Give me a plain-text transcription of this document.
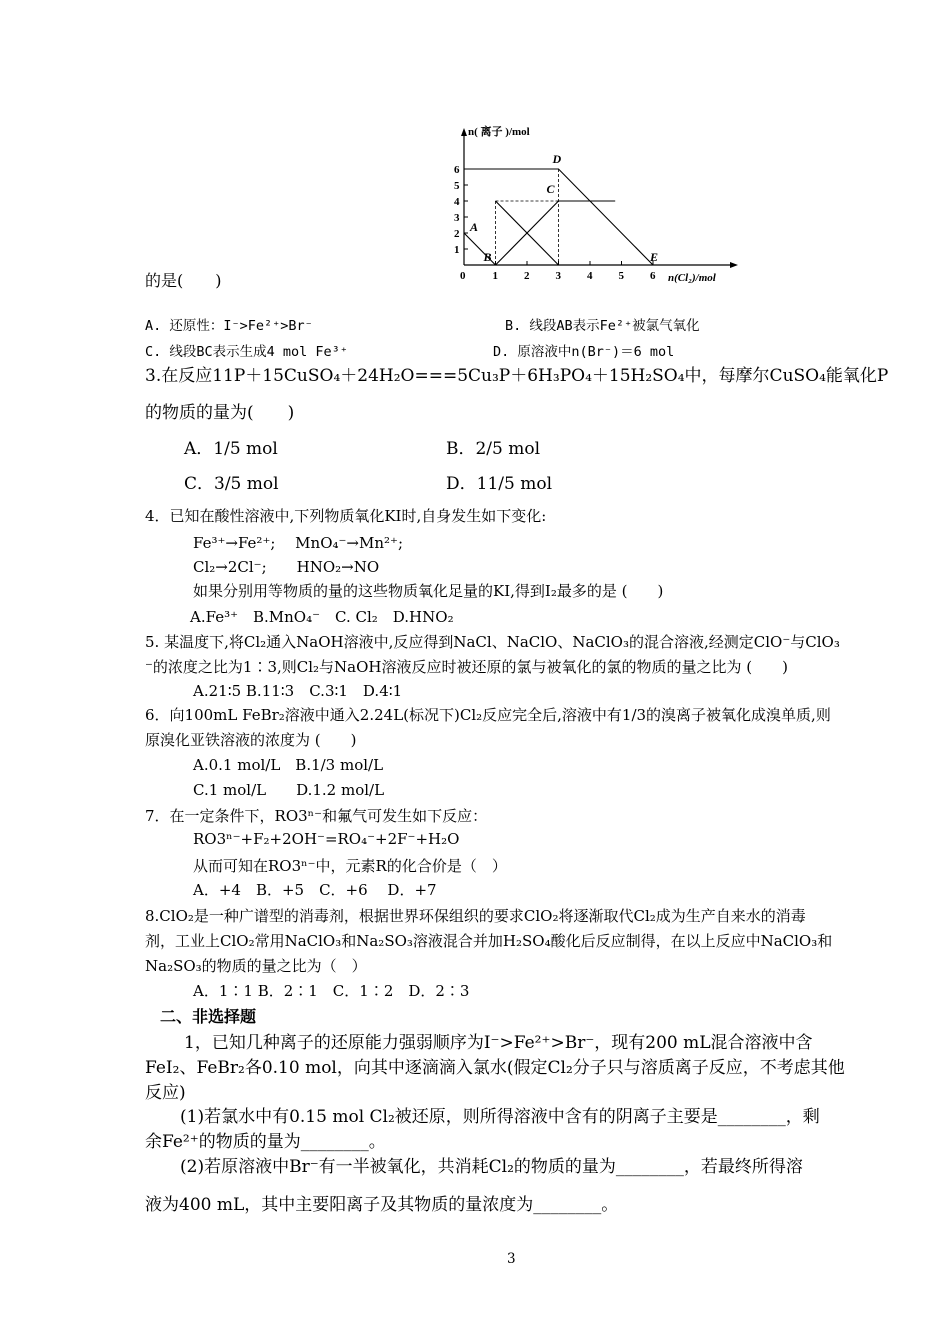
1
2
3
4
5
6
1 2 3 4 5 6
A
B
C
D
E
n( 离子 )/mol
n(Cl₂)/mol
0
的是(　　)
A. 还原性：I⁻>Fe²⁺>Br⁻	B. 线段AB表示Fe²⁺被氯气氧化
C. 线段BC表示生成4 mol Fe³⁺	D. 原溶液中n(Br⁻)＝6 mol
3.在反应11P＋15CuSO₄＋24H₂O===5Cu₃P＋6H₃PO₄＋15H₂SO₄中，每摩尔CuSO₄能氧化P
的物质的量为(　　)
A．1/5 mol	B．2/5 mol
C．3/5 mol	D．11/5 mol
4．已知在酸性溶液中,下列物质氧化KI时,自身发生如下变化:
Fe³⁺→Fe²⁺;　 MnO₄⁻→Mn²⁺;
Cl₂→2Cl⁻;　　HNO₂→NO
如果分别用等物质的量的这些物质氧化足量的KI,得到I₂最多的是 (　　)
A.Fe³⁺　B.MnO₄⁻　C. Cl₂　D.HNO₂
5. 某温度下,将Cl₂通入NaOH溶液中,反应得到NaCl、NaClO、NaClO₃的混合溶液,经测定ClO⁻与ClO₃
⁻的浓度之比为1∶3,则Cl₂与NaOH溶液反应时被还原的氯与被氧化的氯的物质的量之比为 (　　)
A.21∶5 B.11∶3　C.3∶1　D.4∶1
6．向100mL FeBr₂溶液中通入2.24L(标况下)Cl₂反应完全后,溶液中有1/3的溴离子被氧化成溴单质,则
原溴化亚铁溶液的浓度为 (　　)
A.0.1 mol/L　B.1/3 mol/L
C.1 mol/L　　D.1.2 mol/L
7．在一定条件下，RO3ⁿ⁻和氟气可发生如下反应：
RO3ⁿ⁻+F₂+2OH⁻=RO₄⁻+2F⁻+H₂O
从而可知在RO3ⁿ⁻中，元素R的化合价是（　）
A．+4　B．+5　C．+6　 D．+7
8.ClO₂是一种广谱型的消毒剂，根据世界环保组织的要求ClO₂将逐渐取代Cl₂成为生产自来水的消毒
剂，工业上ClO₂常用NaClO₃和Na₂SO₃溶液混合并加H₂SO₄酸化后反应制得，在以上反应中NaClO₃和
Na₂SO₃的物质的量之比为（　）
A．1∶1 B．2∶1　C．1∶2　D．2∶3
二、非选择题
1，已知几种离子的还原能力强弱顺序为I⁻>Fe²⁺>Br⁻，现有200 mL混合溶液中含
FeI₂、FeBr₂各0.10 mol，向其中逐滴滴入氯水(假定Cl₂分子只与溶质离子反应，不考虑其他
反应)
(1)若氯水中有0.15 mol Cl₂被还原，则所得溶液中含有的阴离子主要是________，剩
余Fe²⁺的物质的量为________。
(2)若原溶液中Br⁻有一半被氧化，共消耗Cl₂的物质的量为________，若最终所得溶
液为400 mL，其中主要阳离子及其物质的量浓度为________。
3
